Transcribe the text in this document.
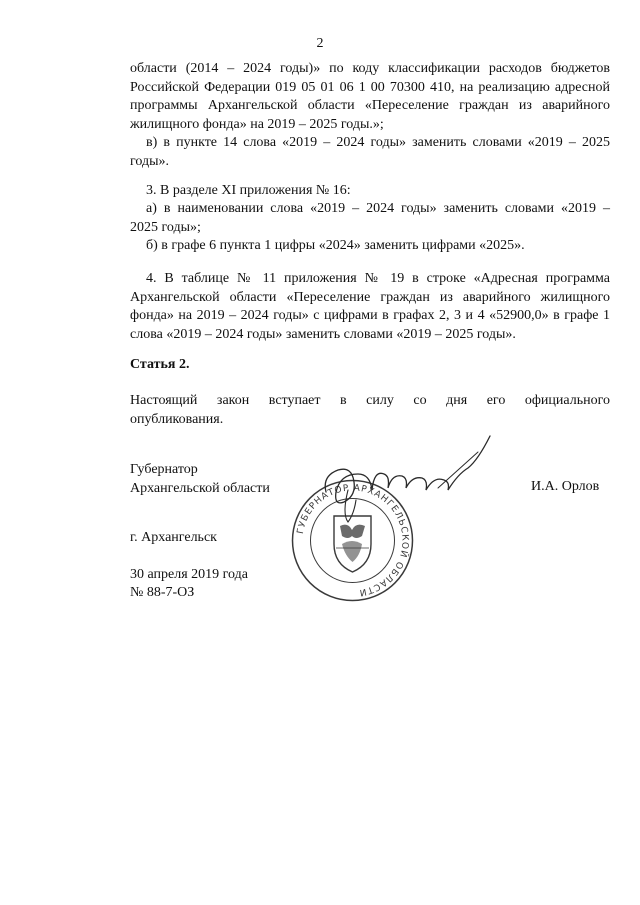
2
области (2014 – 2024 годы)» по коду классификации расходов бюджетов
Российской Федерации 019 05 01 06 1 00 70300 410, на реализацию адресной
программы Архангельской области «Переселение граждан из аварийного
жилищного фонда» на 2019 – 2025 годы.»;
в) в пункте 14 слова «2019 – 2024 годы» заменить словами «2019 – 2025
годы».
3. В разделе XI приложения № 16:
а) в наименовании слова «2019 – 2024 годы» заменить словами «2019 –
2025 годы»;
б) в графе 6 пункта 1 цифры «2024» заменить цифрами «2025».
4. В таблице № 11 приложения № 19 в строке «Адресная программа
Архангельской области «Переселение граждан из аварийного жилищного
фонда» на 2019 – 2024 годы» с цифрами в графах 2, 3 и 4 «52900,0» в графе 1
слова «2019 – 2024 годы» заменить словами «2019 – 2025 годы».
Статья 2.
Настоящий закон вступает в силу со дня его официального
опубликования.
ГУБЕРНАТОР АРХАНГЕЛЬСКОЙ ОБЛАСТИ
Губернатор
Архангельской области	И.А. Орлов
г. Архангельск
30 апреля 2019 года
№ 88-7-ОЗ
